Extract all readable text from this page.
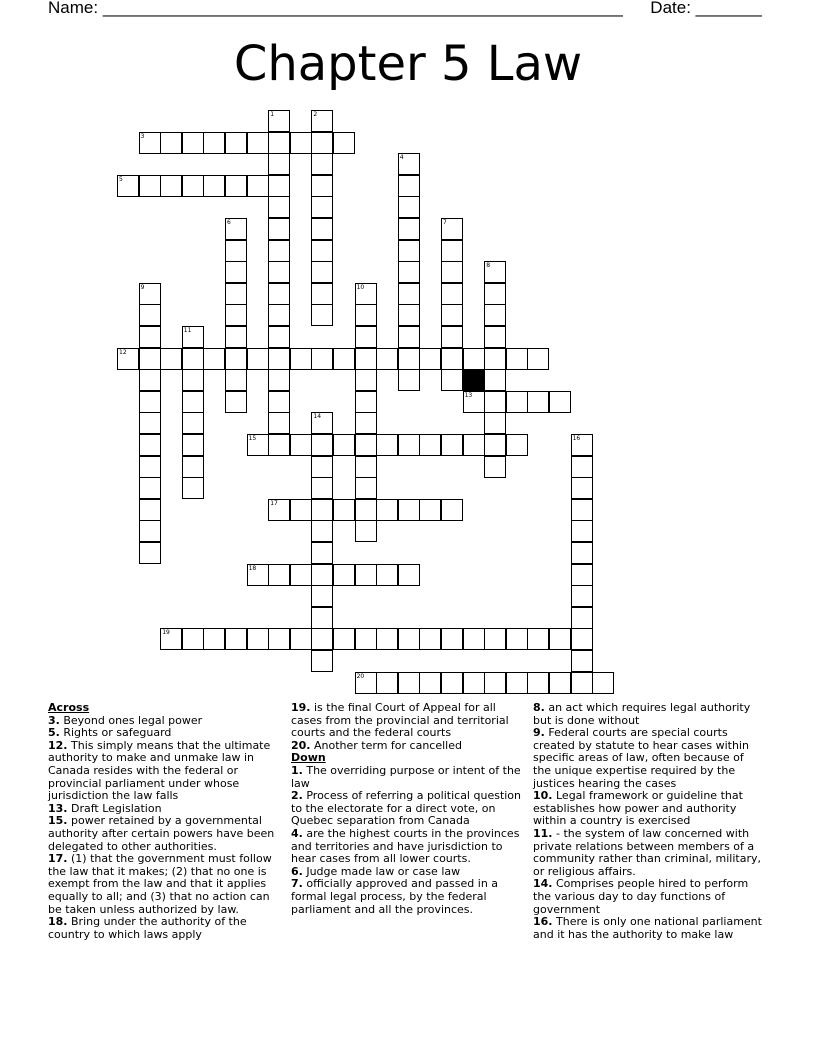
Name: _______________________________________________________ Date: _______
Chapter 5 Law
1	2
3
4
5
6	7
8
9	10
11
12
13
14
15	16
17
18
19
20
Across

3. Beyond ones legal power

5. Rights or safeguard

12. This simply means that the ultimate authority to make and unmake law in Canada resides with the federal or provincial parliament under whose jurisdiction the law falls

13. Draft Legislation

15. power retained by a governmental authority after certain powers have been delegated to other authorities.

17. (1) that the government must follow the law that it makes; (2) that no one is exempt from the law and that it applies equally to all; and (3) that no action can be taken unless authorized by law.

18. Bring under the authority of the country to which laws apply

19. is the final Court of Appeal for all cases from the provincial and territorial courts and the federal courts

20. Another term for cancelled

Down

1. The overriding purpose or intent of the law

2. Process of referring a political question to the electorate for a direct vote, on Quebec separation from Canada

4. are the highest courts in the provinces and territories and have jurisdiction to hear cases from all lower courts.

6. Judge made law or case law

7. officially approved and passed in a formal legal process, by the federal parliament and all the provinces.

8. an act which requires legal authority but is done without

9. Federal courts are special courts created by statute to hear cases within specific areas of law, often because of the unique expertise required by the justices hearing the cases

10. Legal framework or guideline that establishes how power and authority within a country is exercised

11. - the system of law concerned with private relations between members of a community rather than criminal, military, or religious affairs.

14. Comprises people hired to perform the various day to day functions of government

16. There is only one national parliament and it has the authority to make law
